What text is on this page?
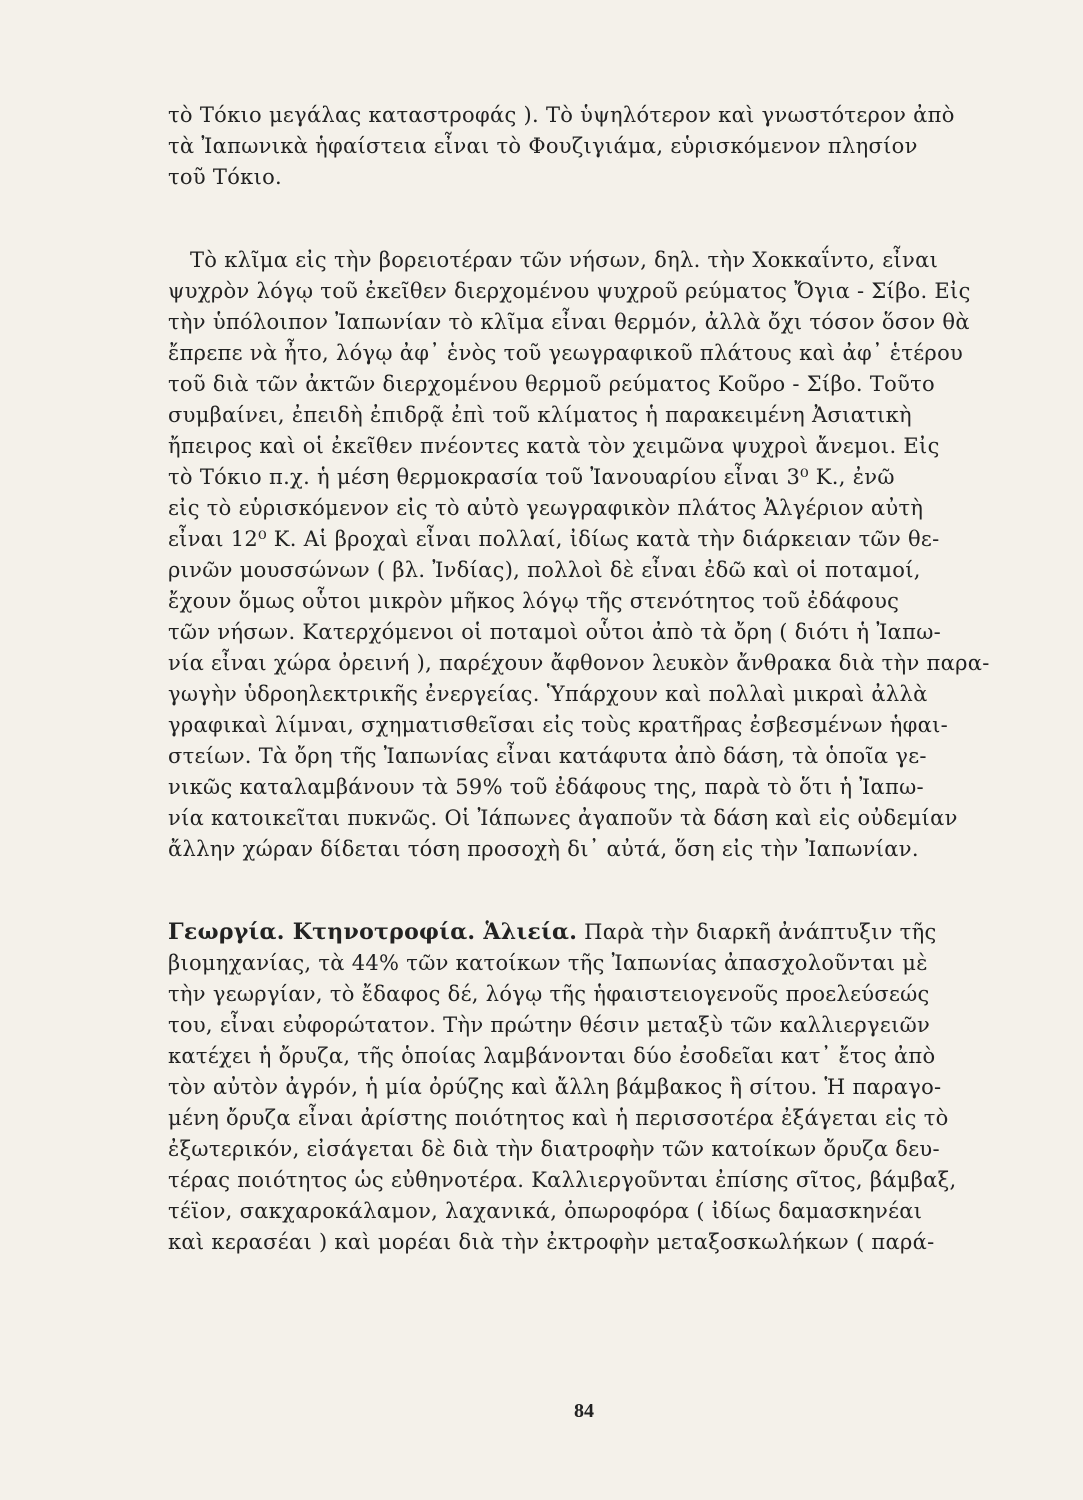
τὸ Τόκιο μεγάλας καταστροφάς ). Τὸ ὑψηλότερον καὶ γνωστότερον ἀπὸ
τὰ Ἰαπωνικὰ ἡφαίστεια εἶναι τὸ Φουζιγιάμα, εὑρισκόμενον πλησίον
τοῦ Τόκιο.
Τὸ κλῖμα εἰς τὴν βορειοτέραν τῶν νήσων, δηλ. τὴν Χοκκαΐντο, εἶναι
ψυχρὸν λόγῳ τοῦ ἐκεῖθεν διερχομένου ψυχροῦ ρεύματος Ὄγια - Σίβο. Εἰς
τὴν ὑπόλοιπον Ἰαπωνίαν τὸ κλῖμα εἶναι θερμόν, ἀλλὰ ὄχι τόσον ὅσον θὰ
ἔπρεπε νὰ ἦτο, λόγῳ ἀφ᾽ ἑνὸς τοῦ γεωγραφικοῦ πλάτους καὶ ἀφ᾽ ἑτέρου
τοῦ διὰ τῶν ἀκτῶν διερχομένου θερμοῦ ρεύματος Κοῦρο - Σίβο. Τοῦτο
συμβαίνει, ἐπειδὴ ἐπιδρᾷ ἐπὶ τοῦ κλίματος ἡ παρακειμένη Ἀσιατικὴ
ἤπειρος καὶ οἱ ἐκεῖθεν πνέοντες κατὰ τὸν χειμῶνα ψυχροὶ ἄνεμοι. Εἰς
τὸ Τόκιο π.χ. ἡ μέση θερμοκρασία τοῦ Ἰανουαρίου εἶναι 3⁰ Κ., ἐνῶ
εἰς τὸ εὑρισκόμενον εἰς τὸ αὐτὸ γεωγραφικὸν πλάτος Ἀλγέριον αὐτὴ
εἶναι 12⁰ Κ. Αἱ βροχαὶ εἶναι πολλαί, ἰδίως κατὰ τὴν διάρκειαν τῶν θε-
ρινῶν μουσσώνων ( βλ. Ἰνδίας), πολλοὶ δὲ εἶναι ἐδῶ καὶ οἱ ποταμοί,
ἔχουν ὅμως οὗτοι μικρὸν μῆκος λόγῳ τῆς στενότητος τοῦ ἐδάφους
τῶν νήσων. Κατερχόμενοι οἱ ποταμοὶ οὗτοι ἀπὸ τὰ ὄρη ( διότι ἡ Ἰαπω-
νία εἶναι χώρα ὀρεινή ), παρέχουν ἄφθονον λευκὸν ἄνθρακα διὰ τὴν παρα-
γωγὴν ὑδροηλεκτρικῆς ἐνεργείας. Ὑπάρχουν καὶ πολλαὶ μικραὶ ἀλλὰ
γραφικαὶ λίμναι, σχηματισθεῖσαι εἰς τοὺς κρατῆρας ἐσβεσμένων ἡφαι-
στείων. Τὰ ὄρη τῆς Ἰαπωνίας εἶναι κατάφυτα ἀπὸ δάση, τὰ ὁποῖα γε-
νικῶς καταλαμβάνουν τὰ 59% τοῦ ἐδάφους της, παρὰ τὸ ὅτι ἡ Ἰαπω-
νία κατοικεῖται πυκνῶς. Οἱ Ἰάπωνες ἀγαποῦν τὰ δάση καὶ εἰς οὐδεμίαν
ἄλλην χώραν δίδεται τόση προσοχὴ δι᾽ αὐτά, ὅση εἰς τὴν Ἰαπωνίαν.
Γεωργία. Κτηνοτροφία. Ἁλιεία. Παρὰ τὴν διαρκῆ ἀνάπτυξιν τῆς
βιομηχανίας, τὰ 44% τῶν κατοίκων τῆς Ἰαπωνίας ἀπασχολοῦνται μὲ
τὴν γεωργίαν, τὸ ἔδαφος δέ, λόγῳ τῆς ἡφαιστειογενοῦς προελεύσεώς
του, εἶναι εὐφορώτατον. Τὴν πρώτην θέσιν μεταξὺ τῶν καλλιεργειῶν
κατέχει ἡ ὄρυζα, τῆς ὁποίας λαμβάνονται δύο ἐσοδεῖαι κατ᾽ ἔτος ἀπὸ
τὸν αὐτὸν ἀγρόν, ἡ μία ὀρύζης καὶ ἄλλη βάμβακος ἢ σίτου. Ἡ παραγο-
μένη ὄρυζα εἶναι ἀρίστης ποιότητος καὶ ἡ περισσοτέρα ἐξάγεται εἰς τὸ
ἐξωτερικόν, εἰσάγεται δὲ διὰ τὴν διατροφὴν τῶν κατοίκων ὄρυζα δευ-
τέρας ποιότητος ὡς εὐθηνοτέρα. Καλλιεργοῦνται ἐπίσης σῖτος, βάμβαξ,
τέϊον, σακχαροκάλαμον, λαχανικά, ὀπωροφόρα ( ἰδίως δαμασκηνέαι
καὶ κερασέαι ) καὶ μορέαι διὰ τὴν ἐκτροφὴν μεταξοσκωλήκων ( παρά-
84
